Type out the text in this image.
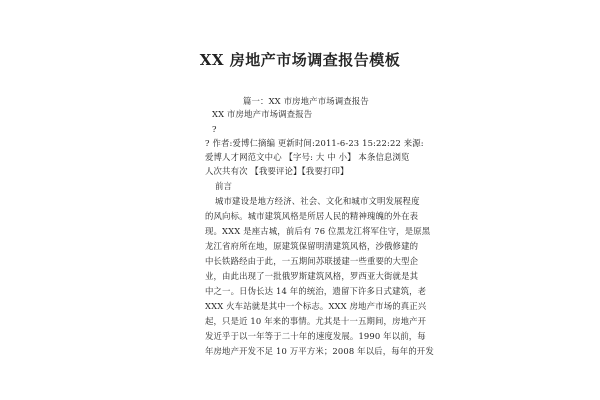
XX 房地产市场调查报告模板
篇一：XX 市房地产市场调查报告
XX 市房地产市场调查报告
?
? 作者:爱博仁摘编 更新时间:2011-6-23 15:22:22 来源:
爱博人才网范文中心 【字号: 大 中 小】 本条信息浏览
人次共有次 【我要评论】【我要打印】
前言
城市建设是地方经济、社会、文化和城市文明发展程度
的风向标。城市建筑风格是所居人民的精神瑰魄的外在表
现。XXX 是座古城，前后有 76 位黑龙江将军住守，是原黑
龙江省府所在地，原建筑保留明清建筑风格，沙俄修建的
中长铁路经由于此，一五期间苏联援建一些重要的大型企
业，由此出现了一批俄罗斯建筑风格，罗西亚大街就是其
中之一。日伪长达 14 年的统治，遗留下许多日式建筑，老
XXX 火车站就是其中一个标志。XXX 房地产市场的真正兴
起，只是近 10 年来的事情。尤其是十一五期间，房地产开
发近乎于以一年等于二十年的速度发展。1990 年以前，每
年房地产开发不足 10 万平方米；2008 年以后，每年的开发
